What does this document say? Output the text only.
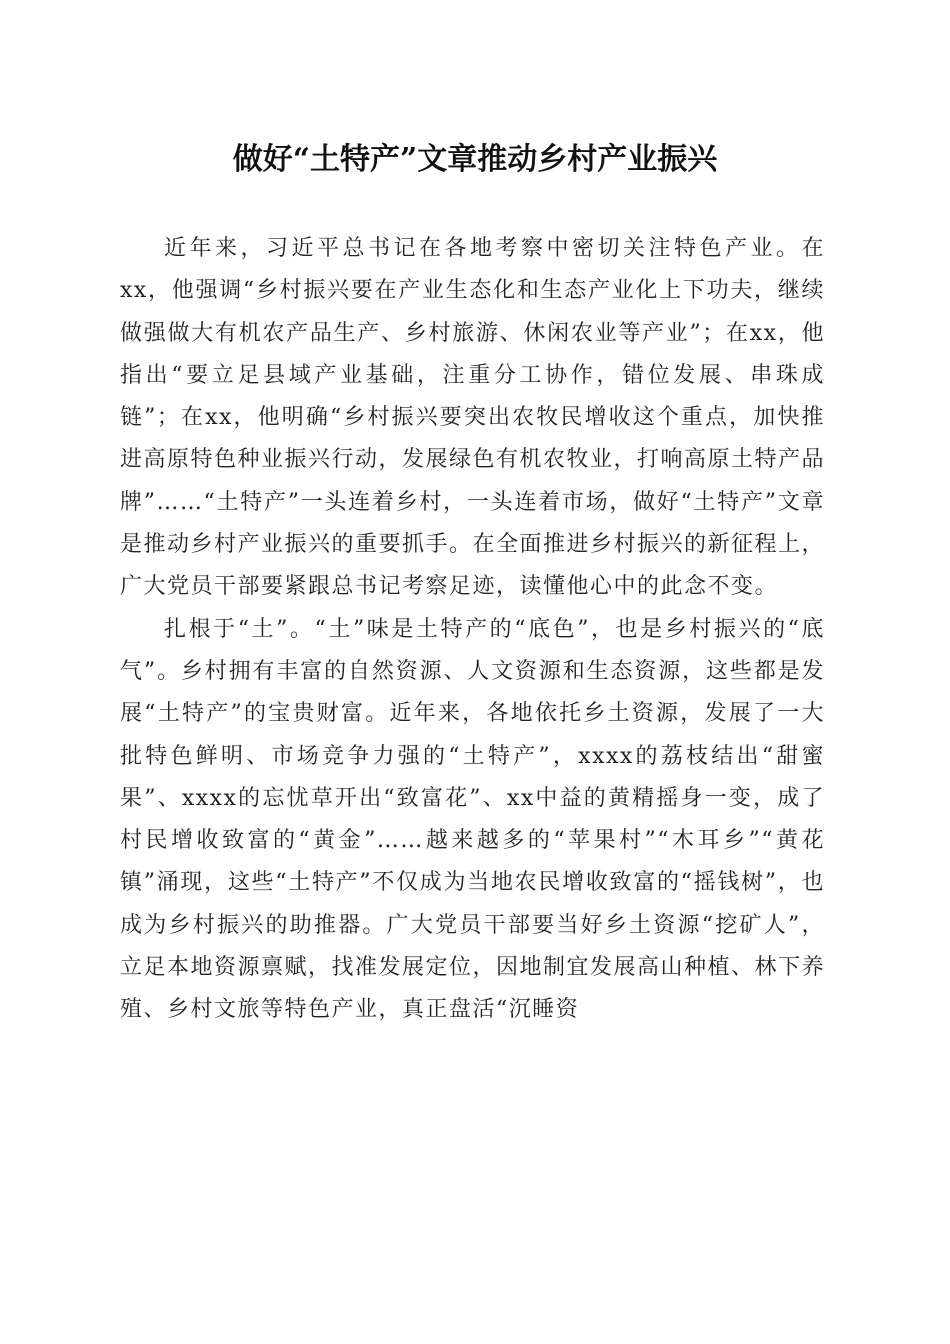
做好“土特产”文章推动乡村产业振兴

近年来，习近平总书记在各地考察中密切关注特色产业。在xx，他强调“乡村振兴要在产业生态化和生态产业化上下功夫，继续做强做大有机农产品生产、乡村旅游、休闲农业等产业”；在xx，他指出“要立足县域产业基础，注重分工协作，错位发展、串珠成链”；在xx，他明确“乡村振兴要突出农牧民增收这个重点，加快推进高原特色种业振兴行动，发展绿色有机农牧业，打响高原土特产品牌”……“土特产”一头连着乡村，一头连着市场，做好“土特产”文章是推动乡村产业振兴的重要抓手。在全面推进乡村振兴的新征程上，广大党员干部要紧跟总书记考察足迹，读懂他心中的此念不变。

扎根于“土”。“土”味是土特产的“底色”，也是乡村振兴的“底气”。乡村拥有丰富的自然资源、人文资源和生态资源，这些都是发展“土特产”的宝贵财富。近年来，各地依托乡土资源，发展了一大批特色鲜明、市场竞争力强的“土特产”，xxxx的荔枝结出“甜蜜果”、xxxx的忘忧草开出“致富花”、xx中益的黄精摇身一变，成了村民增收致富的“黄金”……越来越多的“苹果村”“木耳乡”“黄花镇”涌现，这些“土特产”不仅成为当地农民增收致富的“摇钱树”，也成为乡村振兴的助推器。广大党员干部要当好乡土资源“挖矿人”，立足本地资源禀赋，找准发展定位，因地制宜发展高山种植、林下养殖、乡村文旅等特色产业，真正盘活“沉睡资
